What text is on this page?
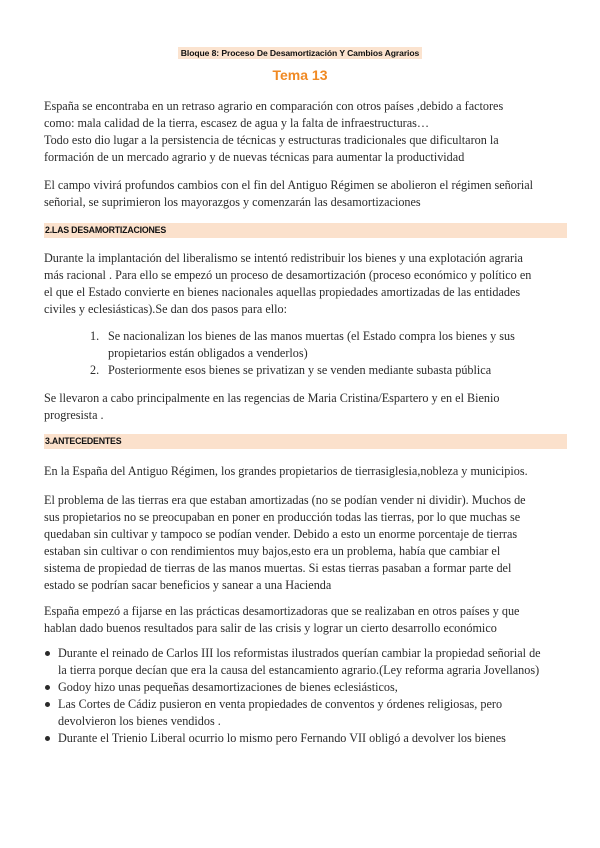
Bloque 8: Proceso De Desamortización Y Cambios Agrarios
Tema 13

España se encontraba en un retraso agrario en comparación con otros países ,debido a factores

como: mala calidad de la tierra, escasez de agua y la falta de infraestructuras…

Todo esto dio lugar a la persistencia de técnicas y estructuras tradicionales que dificultaron la

formación de un mercado agrario y de nuevas técnicas para aumentar la productividad

El campo vivirá profundos cambios con el fin del Antiguo Régimen se abolieron el régimen señorial

señorial, se suprimieron los mayorazgos y comenzarán las desamortizaciones

2.LAS DESAMORTIZACIONES

Durante la implantación del liberalismo se intentó redistribuir los bienes y una explotación agraria

más racional . Para ello se empezó un proceso de desamortización (proceso económico y político en

el que el Estado convierte en bienes nacionales aquellas propiedades amortizadas de las entidades

civiles y eclesiásticas).Se dan dos pasos para ello:

1. Se nacionalizan los bienes de las manos muertas (el Estado compra los bienes y sus
propietarios están obligados a venderlos)
2. Posteriormente esos bienes se privatizan y se venden mediante subasta pública

Se llevaron a cabo principalmente en las regencias de Maria Cristina/Espartero y en el Bienio

progresista .

3.ANTECEDENTES

En la España del Antiguo Régimen, los grandes propietarios de tierrasiglesia,nobleza y municipios.

El problema de las tierras era que estaban amortizadas (no se podían vender ni dividir). Muchos de

sus propietarios no se preocupaban en poner en producción todas las tierras, por lo que muchas se

quedaban sin cultivar y tampoco se podían vender. Debido a esto un enorme porcentaje de tierras

estaban sin cultivar o con rendimientos muy bajos,esto era un problema, había que cambiar el

sistema de propiedad de tierras de las manos muertas. Si estas tierras pasaban a formar parte del

estado se podrían sacar beneficios y sanear a una Hacienda

España empezó a fijarse en las prácticas desamortizadoras que se realizaban en otros países y que

hablan dado buenos resultados para salir de las crisis y lograr un cierto desarrollo económico

Durante el reinado de Carlos III los reformistas ilustrados querían cambiar la propiedad señorial de
la tierra porque decían que era la causa del estancamiento agrario.(Ley reforma agraria Jovellanos)
Godoy hizo unas pequeñas desamortizaciones de bienes eclesiásticos,
Las Cortes de Cádiz pusieron en venta propiedades de conventos y órdenes religiosas, pero
devolvieron los bienes vendidos .
Durante el Trienio Liberal ocurrio lo mismo pero Fernando VII obligó a devolver los bienes
